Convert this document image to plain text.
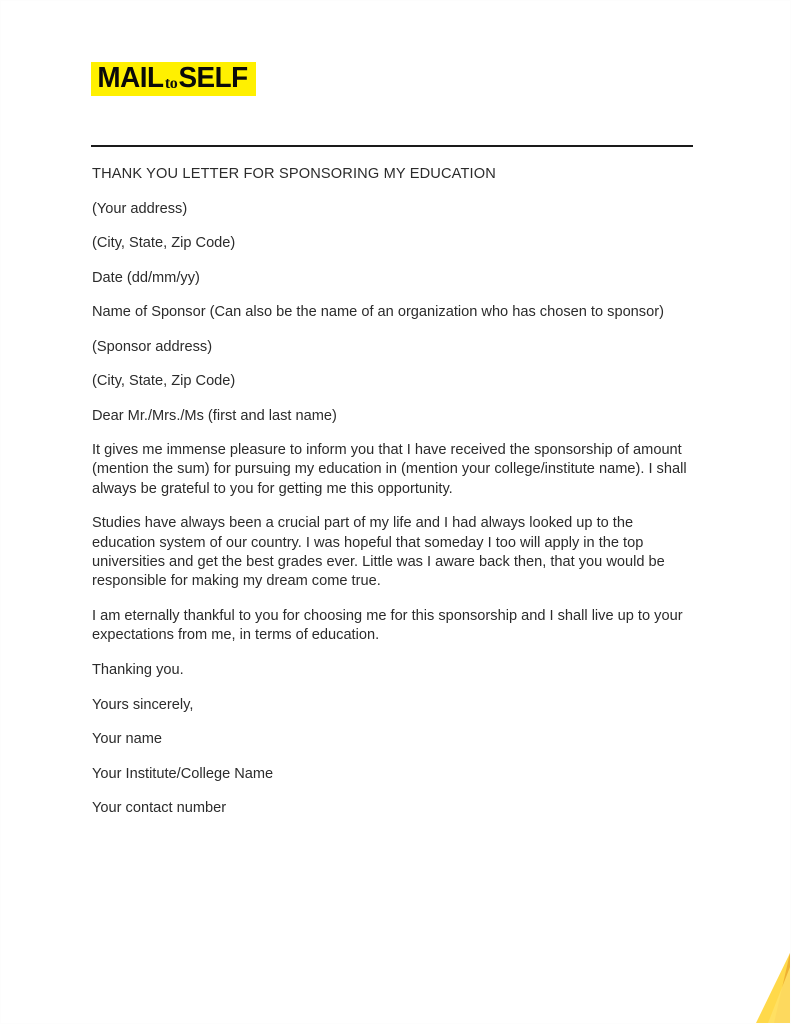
MAIL to SELF

THANK YOU LETTER FOR SPONSORING MY EDUCATION

(Your address)

(City, State, Zip Code)

Date (dd/mm/yy)

Name of Sponsor (Can also be the name of an organization who has chosen to sponsor)

(Sponsor address)

(City, State, Zip Code)

Dear Mr./Mrs./Ms (first and last name)

It gives me immense pleasure to inform you that I have received the sponsorship of amount (mention the sum) for pursuing my education in (mention your college/institute name). I shall always be grateful to you for getting me this opportunity.

Studies have always been a crucial part of my life and I had always looked up to the education system of our country. I was hopeful that someday I too will apply in the top universities and get the best grades ever. Little was I aware back then, that you would be responsible for making my dream come true.

I am eternally thankful to you for choosing me for this sponsorship and I shall live up to your expectations from me, in terms of education.

Thanking you.

Yours sincerely,

Your name

Your Institute/College Name

Your contact number
